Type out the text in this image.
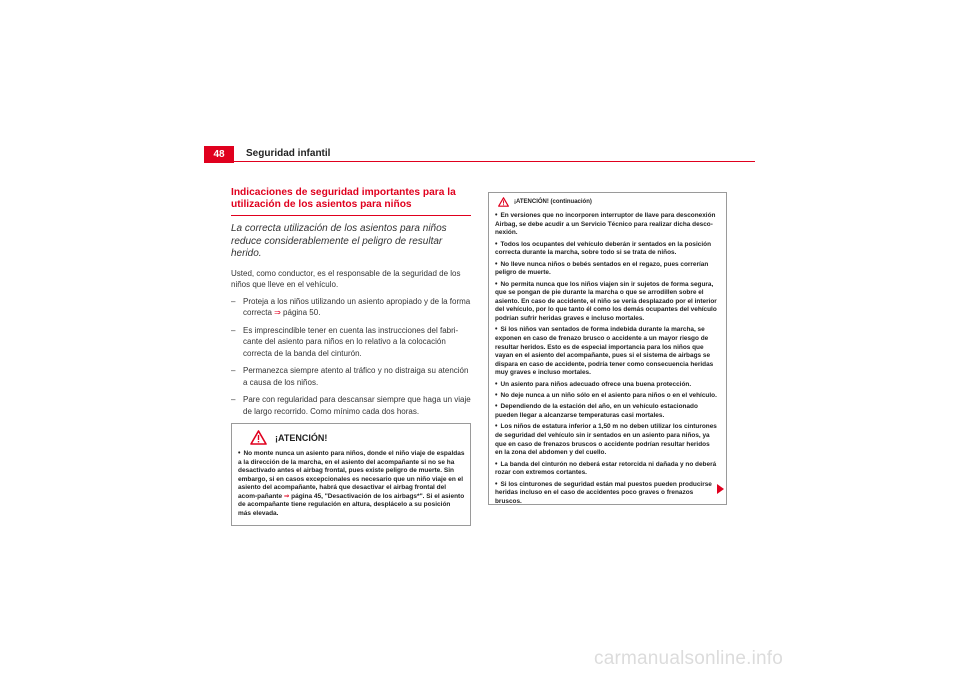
48	Seguridad infantil
Indicaciones de seguridad importantes para la utilización de los asientos para niños
La correcta utilización de los asientos para niños reduce considerablemente el peligro de resultar herido.
Usted, como conductor, es el responsable de la seguridad de los niños que lleve en el vehículo.
– Proteja a los niños utilizando un asiento apropiado y de la forma correcta ⇒ página 50.
– Es imprescindible tener en cuenta las instrucciones del fabri-cante del asiento para niños en lo relativo a la colocación correcta de la banda del cinturón.
– Permanezca siempre atento al tráfico y no distraiga su atención a causa de los niños.
– Pare con regularidad para descansar siempre que haga un viaje de largo recorrido. Como mínimo cada dos horas.
¡ATENCIÓN!
• No monte nunca un asiento para niños, donde el niño viaje de espaldas a la dirección de la marcha, en el asiento del acompañante si no se ha desactivado antes el airbag frontal, pues existe peligro de muerte. Sin embargo, si en casos excepcionales es necesario que un niño viaje en el asiento del acompañante, habrá que desactivar el airbag frontal del acom-pañante ⇒ página 45, "Desactivación de los airbags*". Si el asiento de acompañante tiene regulación en altura, desplácelo a su posición más elevada.
¡ATENCIÓN! (continuación)

• En versiones que no incorporen interruptor de llave para desconexión Airbag, se debe acudir a un Servicio Técnico para realizar dicha desco-nexión.

• Todos los ocupantes del vehículo deberán ir sentados en la posición correcta durante la marcha, sobre todo si se trata de niños.

• No lleve nunca niños o bebés sentados en el regazo, pues correrían peligro de muerte.

• No permita nunca que los niños viajen sin ir sujetos de forma segura, que se pongan de pie durante la marcha o que se arrodillen sobre el asiento. En caso de accidente, el niño se vería desplazado por el interior del vehículo, por lo que tanto él como los demás ocupantes del vehículo podrían sufrir heridas graves e incluso mortales.

• Si los niños van sentados de forma indebida durante la marcha, se exponen en caso de frenazo brusco o accidente a un mayor riesgo de resultar heridos. Esto es de especial importancia para los niños que vayan en el asiento del acompañante, pues si el sistema de airbags se dispara en caso de accidente, podría tener como consecuencia heridas muy graves e incluso mortales.

• Un asiento para niños adecuado ofrece una buena protección.

• No deje nunca a un niño sólo en el asiento para niños o en el vehículo.

• Dependiendo de la estación del año, en un vehículo estacionado pueden llegar a alcanzarse temperaturas casi mortales.

• Los niños de estatura inferior a 1,50 m no deben utilizar los cinturones de seguridad del vehículo sin ir sentados en un asiento para niños, ya que en caso de frenazos bruscos o accidente podrían resultar heridos en la zona del abdomen y del cuello.

• La banda del cinturón no deberá estar retorcida ni dañada y no deberá rozar con extremos cortantes.

• Si los cinturones de seguridad están mal puestos pueden producirse heridas incluso en el caso de accidentes poco graves o frenazos bruscos.

carmanualsonline.info
